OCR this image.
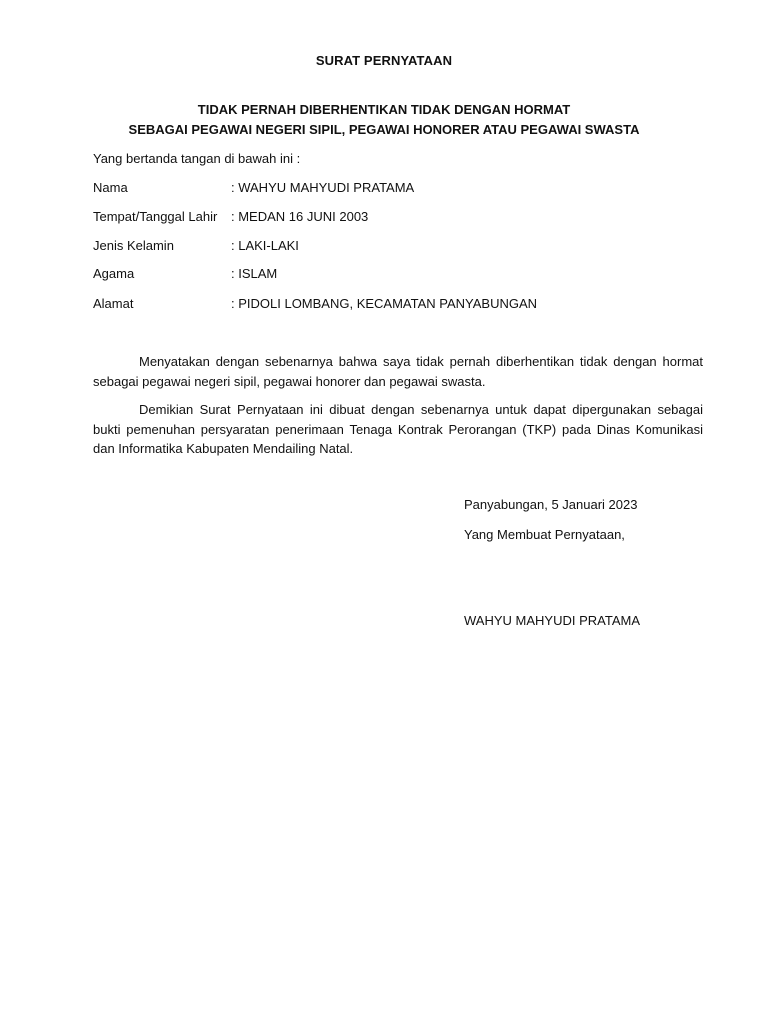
SURAT PERNYATAAN
TIDAK PERNAH DIBERHENTIKAN TIDAK DENGAN HORMAT
SEBAGAI PEGAWAI NEGERI SIPIL, PEGAWAI HONORER ATAU PEGAWAI SWASTA
Yang bertanda tangan di bawah ini :
Nama	: WAHYU MAHYUDI PRATAMA
Tempat/Tanggal Lahir : MEDAN 16 JUNI 2003
Jenis Kelamin	: LAKI-LAKI
Agama	: ISLAM
Alamat	: PIDOLI LOMBANG, KECAMATAN PANYABUNGAN
Menyatakan dengan sebenarnya bahwa saya tidak pernah diberhentikan tidak dengan hormat sebagai pegawai negeri sipil, pegawai honorer dan pegawai swasta.
Demikian Surat Pernyataan ini dibuat dengan sebenarnya untuk dapat dipergunakan sebagai bukti pemenuhan persyaratan penerimaan Tenaga Kontrak Perorangan (TKP) pada Dinas Komunikasi dan Informatika Kabupaten Mendailing Natal.
Panyabungan, 5 Januari 2023
Yang Membuat Pernyataan,
WAHYU MAHYUDI PRATAMA
